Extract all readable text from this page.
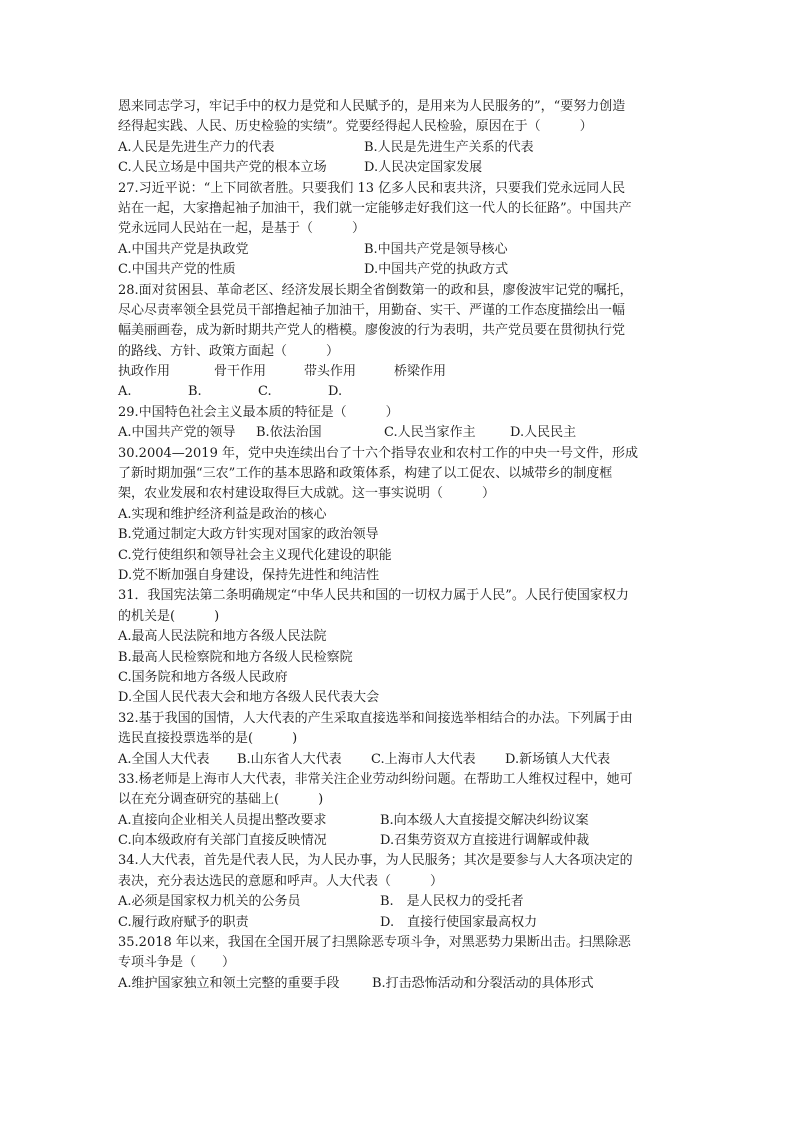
恩来同志学习，牢记手中的权力是党和人民赋予的，是用来为人民服务的”，“要努力创造
经得起实践、人民、历史检验的实绩”。党要经得起人民检验，原因在于（　　　）
A.人民是先进生产力的代表	B.人民是先进生产关系的代表
C.人民立场是中国共产党的根本立场	D.人民决定国家发展
27.习近平说：“上下同欲者胜。只要我们 13 亿多人民和衷共济，只要我们党永远同人民
站在一起，大家撸起袖子加油干，我们就一定能够走好我们这一代人的长征路”。中国共产
党永远同人民站在一起，是基于（　　　）
A.中国共产党是执政党	B.中国共产党是领导核心
C.中国共产党的性质	D.中国共产党的执政方式
28.面对贫困县、革命老区、经济发展长期全省倒数第一的政和县，廖俊波牢记党的嘱托，
尽心尽责率领全县党员干部撸起袖子加油干，用勤奋、实干、严谨的工作态度描绘出一幅
幅美丽画卷，成为新时期共产党人的楷模。廖俊波的行为表明，共产党员要在贯彻执行党
的路线、方针、政策方面起（　　　）
执政作用	骨干作用	带头作用	桥梁作用
A.	B.	C.	D.
29.中国特色社会主义最本质的特征是（　　　）
A.中国共产党的领导	B.依法治国	C.人民当家作主	D.人民民主
30.2004—2019 年，党中央连续出台了十六个指导农业和农村工作的中央一号文件，形成
了新时期加强“三农”工作的基本思路和政策体系，构建了以工促农、以城带乡的制度框
架，农业发展和农村建设取得巨大成就。这一事实说明（　　　）
A.实现和维护经济利益是政治的核心
B.党通过制定大政方针实现对国家的政治领导
C.党行使组织和领导社会主义现代化建设的职能
D.党不断加强自身建设，保持先进性和纯洁性
31．我国宪法第二条明确规定“中华人民共和国的一切权力属于人民”。人民行使国家权力
的机关是(　　　)
A.最高人民法院和地方各级人民法院
B.最高人民检察院和地方各级人民检察院
C.国务院和地方各级人民政府
D.全国人民代表大会和地方各级人民代表大会
32.基于我国的国情，人大代表的产生采取直接选举和间接选举相结合的办法。下列属于由
选民直接投票选举的是(　　　)
A.全国人大代表	B.山东省人大代表	C.上海市人大代表	D.新场镇人大代表
33.杨老师是上海市人大代表，非常关注企业劳动纠纷问题。在帮助工人维权过程中，她可
以在充分调查研究的基础上(　　　)
A.直接向企业相关人员提出整改要求	B.向本级人大直接提交解决纠纷议案
C.向本级政府有关部门直接反映情况	D.召集劳资双方直接进行调解或仲裁
34.人大代表，首先是代表人民，为人民办事，为人民服务；其次是要参与人大各项决定的
表决，充分表达选民的意愿和呼声。人大代表（　　　）
A.必须是国家权力机关的公务员	B.　是人民权力的受托者
C.履行政府赋予的职责	D.　直接行使国家最高权力
35.2018 年以来，我国在全国开展了扫黑除恶专项斗争，对黑恶势力果断出击。扫黑除恶
专项斗争是（　　）
A.维护国家独立和领土完整的重要手段	B.打击恐怖活动和分裂活动的具体形式
